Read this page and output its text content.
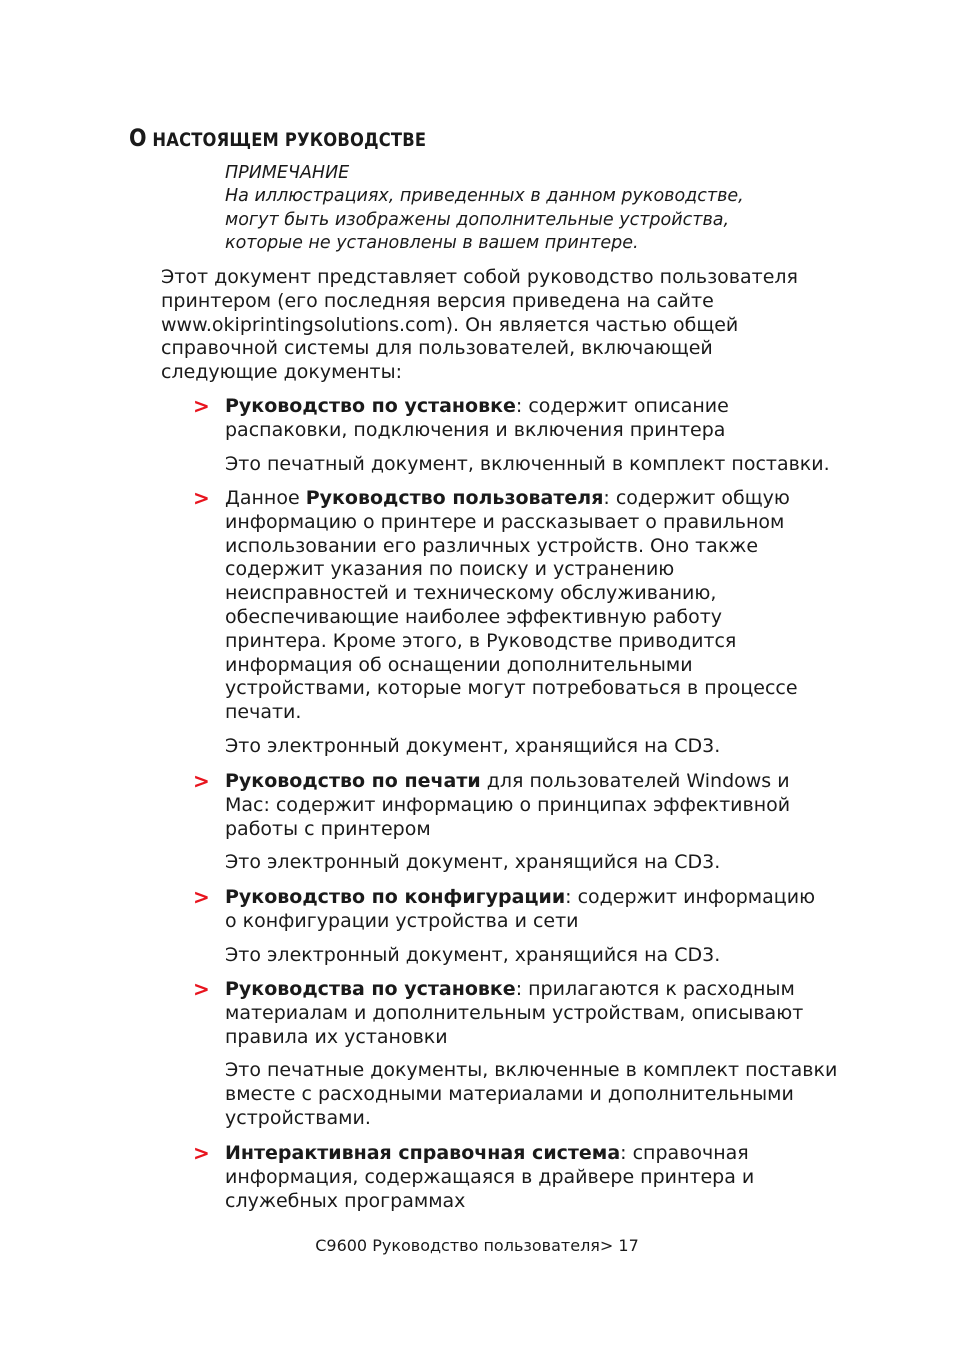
О НАСТОЯЩЕМ РУКОВОДСТВЕ
ПРИМЕЧАНИЕ
На иллюстрациях, приведенных в данном руководстве,
могут быть изображены дополнительные устройства,
которые не установлены в вашем принтере.
Этот документ представляет собой руководство пользователя
принтером (его последняя версия приведена на сайте
www.okiprintingsolutions.com). Он является частью общей
справочной системы для пользователей, включающей
следующие документы:
> Руководство по установке: содержит описание
распаковки, подключения и включения принтера
Это печатный документ, включенный в комплект поставки.
> Данное Руководство пользователя: содержит общую
информацию о принтере и рассказывает о правильном
использовании его различных устройств. Оно также
содержит указания по поиску и устранению
неисправностей и техническому обслуживанию,
обеспечивающие наиболее эффективную работу
принтера. Кроме этого, в Руководстве приводится
информация об оснащении дополнительными
устройствами, которые могут потребоваться в процессе
печати.
Это электронный документ, хранящийся на CD3.
> Руководство по печати для пользователей Windows и
Mac: содержит информацию о принципах эффективной
работы с принтером
Это электронный документ, хранящийся на CD3.
> Руководство по конфигурации: содержит информацию
о конфигурации устройства и сети
Это электронный документ, хранящийся на CD3.
> Руководства по установке: прилагаются к расходным
материалам и дополнительным устройствам, описывают
правила их установки
Это печатные документы, включенные в комплект поставки
вместе с расходными материалами и дополнительными
устройствами.
> Интерактивная справочная система: справочная
информация, содержащаяся в драйвере принтера и
служебных программах
C9600 Руководство пользователя> 17
